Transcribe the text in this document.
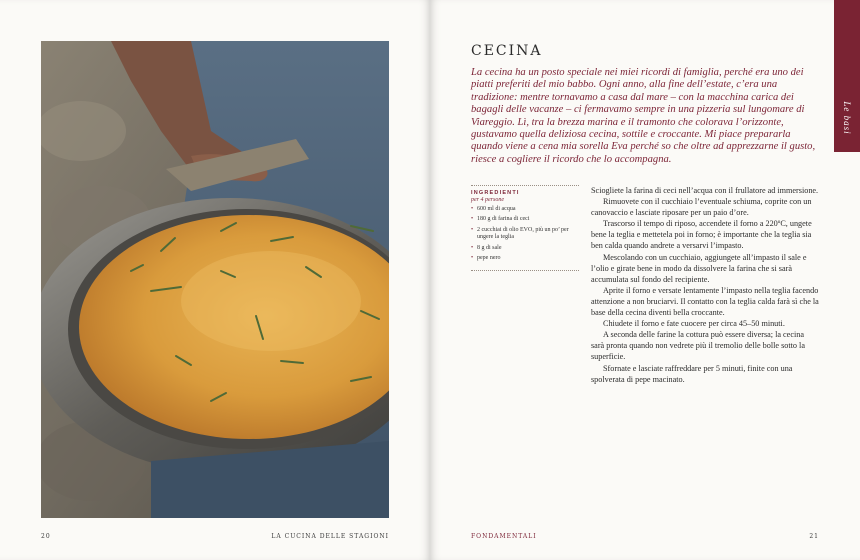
20	LA CUCINA DELLE STAGIONI
Le basi
CECINA

La cecina ha un posto speciale nei miei ricordi di famiglia, perché era uno dei piatti preferiti del mio babbo. Ogni anno, alla fine dell’estate, c’era una tradizione: mentre tornavamo a casa dal mare – con la macchina carica dei bagagli delle vacanze – ci fermavamo sempre in una pizzeria sul lungomare di Viareggio. Lì, tra la brezza marina e il tramonto che colorava l’orizzonte, gustavamo quella deliziosa cecina, sottile e croccante. Mi piace prepararla quando viene a cena mia sorella Eva perché so che oltre ad apprezzarne il gusto, riesce a cogliere il ricordo che lo accompagna.

INGREDIENTI
per 4 persone
• 600 ml di acqua
• 180 g di farina di ceci
• 2 cucchiai di olio EVO, più un po’ per ungere la teglia
• 8 g di sale
• pepe nero

Sciogliete la farina di ceci nell’acqua con il frullatore ad immersione.

Rimuovete con il cucchiaio l’eventuale schiuma, coprite con un canovaccio e lasciate riposare per un paio d’ore.

Trascorso il tempo di riposo, accendete il forno a 220ºC, ungete bene la teglia e mettetela poi in forno; è importante che la teglia sia ben calda quando andrete a versarvi l’impasto.

Mescolando con un cucchiaio, aggiungete all’impasto il sale e l’olio e girate bene in modo da dissolvere la farina che si sarà accumulata sul fondo del recipiente.

Aprite il forno e versate lentamente l’impasto nella teglia facendo attenzione a non bruciarvi. Il contatto con la teglia calda farà sì che la base della cecina diventi bella croccante.

Chiudete il forno e fate cuocere per circa 45–50 minuti.

A seconda delle farine la cottura può essere diversa; la cecina sarà pronta quando non vedrete più il tremolio delle bolle sotto la superficie.

Sfornate e lasciate raffreddare per 5 minuti, finite con una spolverata di pepe macinato.

FONDAMENTALI	21
